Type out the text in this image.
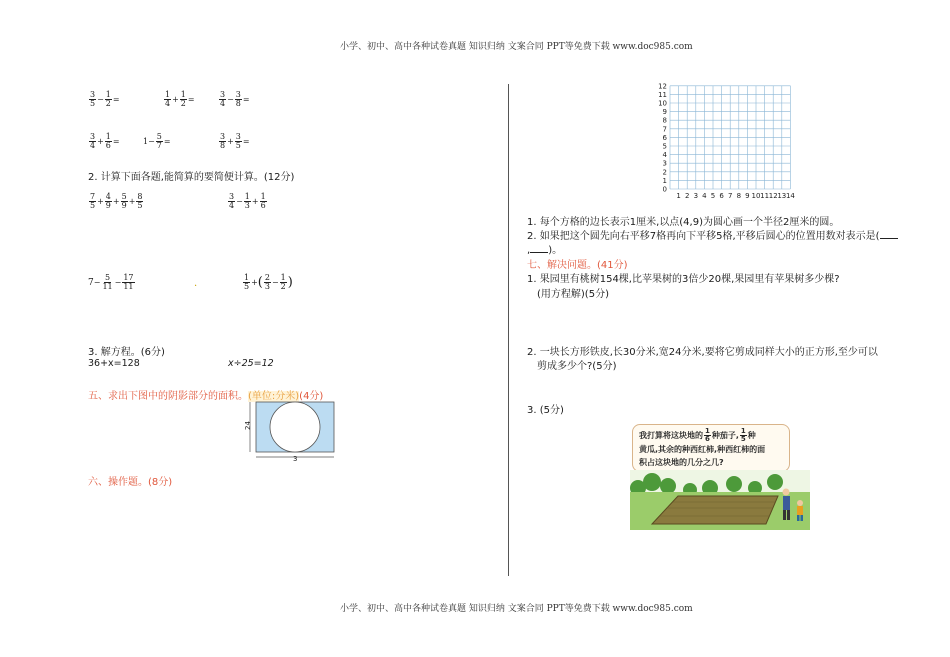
小学、初中、高中各种试卷真题 知识归纳 文案合同 PPT等免费下载 www.doc985.com
小学、初中、高中各种试卷真题 知识归纳 文案合同 PPT等免费下载 www.doc985.com
3
$5 - \frac{1}{2}$ =
1
$4 + \frac{1}{2}$ =
3
$4 - \frac{3}{8}$ =
3
$4 + \frac{1}{6}$ =	$1 - \frac{5}{7}$ =
3
$8 + \frac{3}{5}$ =
2. 计算下面各题,能简算的要简便计算。(12分)
7
$5 + \frac{4}{9} + \frac{5}{9} + \frac{8}{5}$	3
$4 - \frac{1}{3} + \frac{1}{6}$
$7 - \frac{5}{11} - \frac{17}{11}$	.
1
5 + ( 2
$3 - \frac{1}{2}$ )
3. 解方程。(6分)
36+x=128	x÷25=12
五、求出下图中的阴影部分的面积。(单位:分米)(4分)
24
3
六、操作题。(8分)
12
11
10
9
8
7
6
5
4
3
2
1
0
1 2 3 4 5 6 7 8 9 10 11 12 13 14
1. 每个方格的边长表示1厘米,以点(4,9)为圆心画一个半径2厘米的圆。
2. 如果把这个圆先向右平移7格再向下平移5格,平移后圆心的位置用数对表示是(
, )。
七、解决问题。(41分)
1. 果园里有桃树154棵,比苹果树的3倍少20棵,果园里有苹果树多少棵?
(用方程解)(5分)
2. 一块长方形铁皮,长30分米,宽24分米,要将它剪成同样大小的正方形,至少可以
剪成多少个?(5分)
3. (5分)
我打算将这块地的 $\frac{1}{6}$ 种茄子, $\frac{1}{5}$ 种
黄瓜,其余的种西红柿,种西红柿的面
积占这块地的几分之几?
